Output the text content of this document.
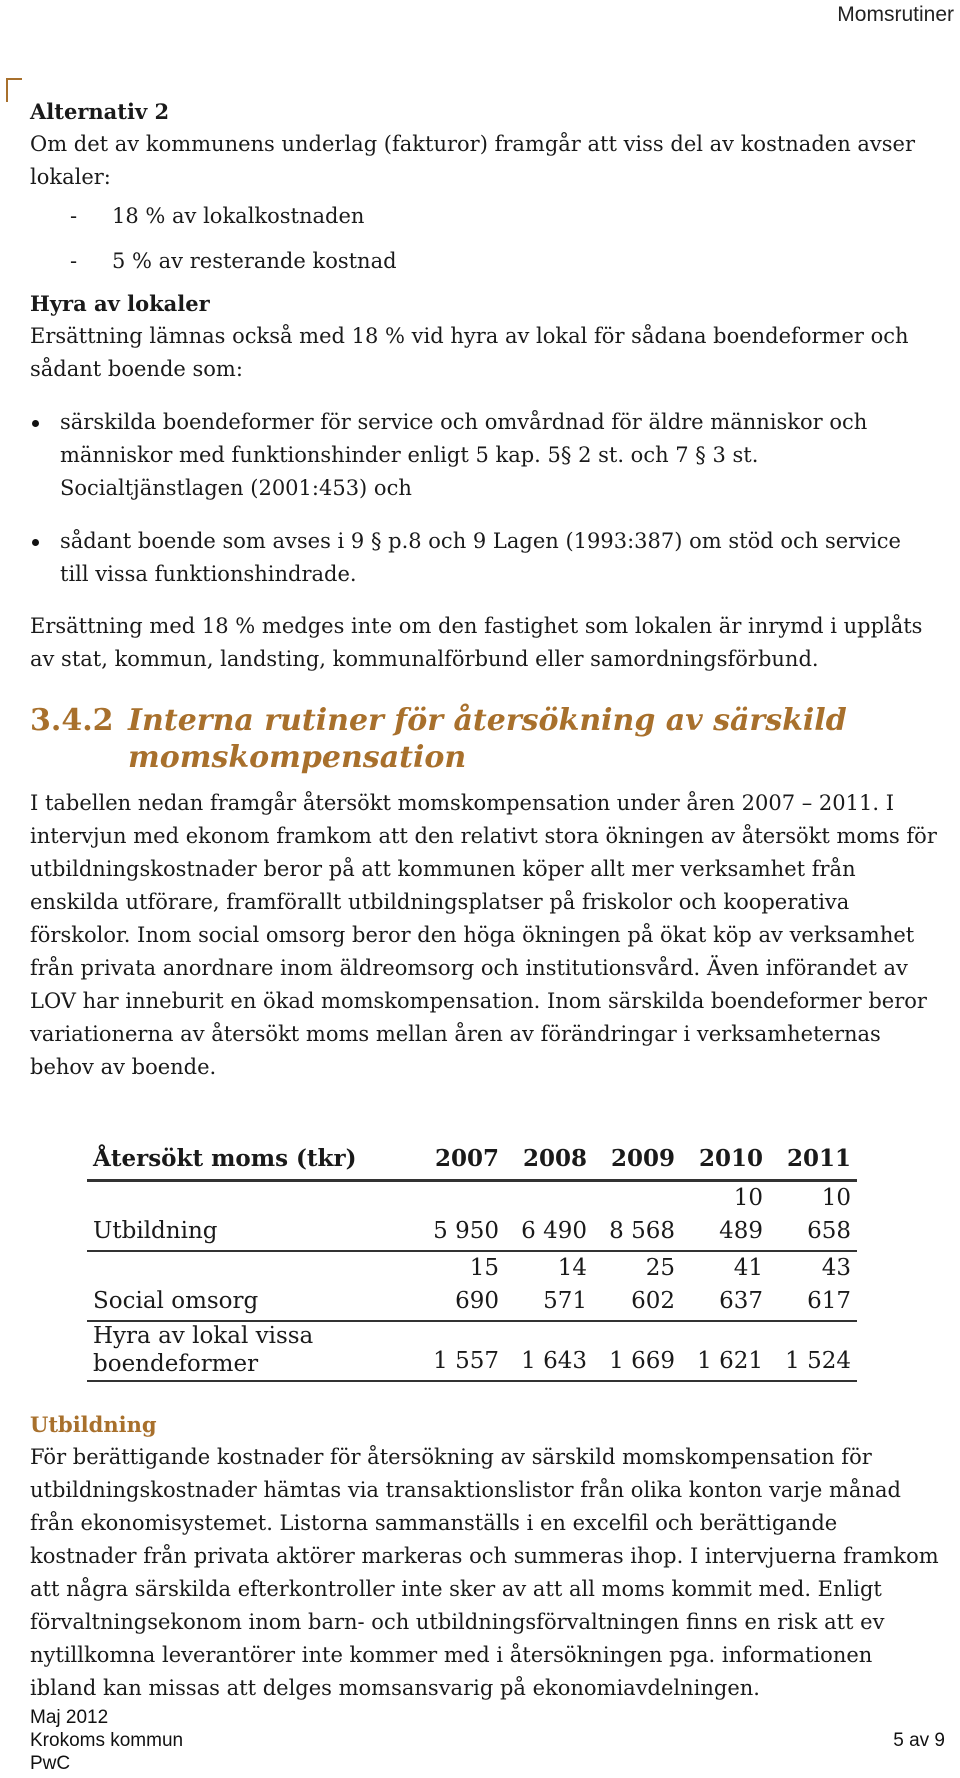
Momsrutiner

Alternativ 2

Om det av kommunens underlag (fakturor) framgår att viss del av kostnaden avser lokaler:

- 18 % av lokalkostnaden
- 5 % av resterande kostnad

Hyra av lokaler

Ersättning lämnas också med 18 % vid hyra av lokal för sådana boendeformer och sådant boende som:

särskilda boendeformer för service och omvårdnad för äldre människor och människor med funktionshinder enligt 5 kap. 5§ 2 st. och 7 § 3 st. Socialtjänstlagen (2001:453) och
sådant boende som avses i 9 § p.8 och 9 Lagen (1993:387) om stöd och service till vissa funktionshindrade.

Ersättning med 18 % medges inte om den fastighet som lokalen är inrymd i upplåts av stat, kommun, landsting, kommunalförbund eller samordningsförbund.

3.4.2 Interna rutiner för återsökning av särskild momskompensation

I tabellen nedan framgår återsökt momskompensation under åren 2007 – 2011. I intervjun med ekonom framkom att den relativt stora ökningen av återsökt moms för utbildningskostnader beror på att kommunen köper allt mer verksamhet från enskilda utförare, framförallt utbildningsplatser på friskolor och kooperativa förskolor. Inom social omsorg beror den höga ökningen på ökat köp av verksamhet från privata anordnare inom äldreomsorg och institutionsvård. Även införandet av LOV har inneburit en ökad momskompensation. Inom särskilda boendeformer beror variationerna av återsökt moms mellan åren av förändringar i verksamheternas behov av boende.

Återsökt moms (tkr)	2007	2008	2009	2010	2011
Utbildning	5 950	6 490	8 568	10 489	10 658
Social omsorg	15 690	14 571	25 602	41 637	43 617
Hyra av lokal vissa boendeformer	1 557	1 643	1 669	1 621	1 524

Utbildning

För berättigande kostnader för återsökning av särskild momskompensation för utbildningskostnader hämtas via transaktionslistor från olika konton varje månad från ekonomisystemet. Listorna sammanställs i en excelfil och berättigande kostnader från privata aktörer markeras och summeras ihop. I intervjuerna framkom att några särskilda efterkontroller inte sker av att all moms kommit med. Enligt förvaltningsekonom inom barn- och utbildningsförvaltningen finns en risk att ev nytillkomna leverantörer inte kommer med i återsökningen pga. informationen ibland kan missas att delges momsansvarig på ekonomiavdelningen.

Maj 2012
Krokoms kommun
PwC
5 av 9
